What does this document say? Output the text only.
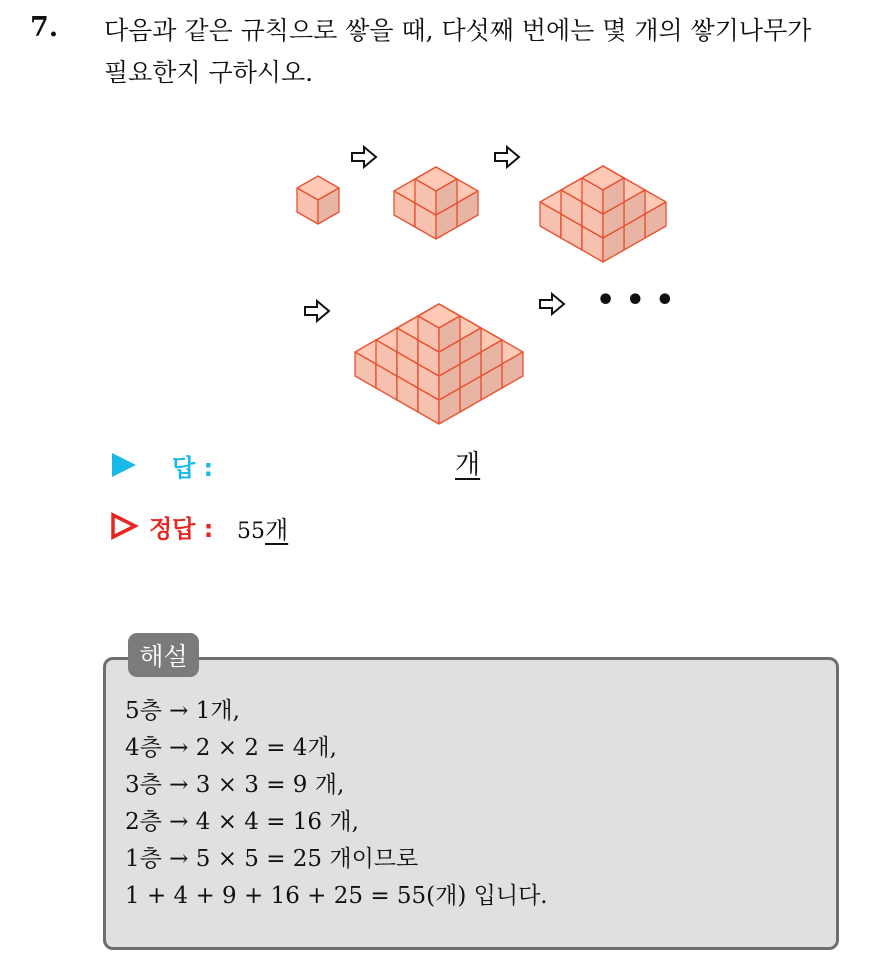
7. 다음과 같은 규칙으로 쌓을 때, 다섯째 번에는 몇 개의 쌓기나무가
필요한지 구하시오.
• • •
답 :	개
정답 : 55개
해설
5층 → 1개,
4층 → 2 × 2 = 4개,
3층 → 3 × 3 = 9 개,
2층 → 4 × 4 = 16 개,
1층 → 5 × 5 = 25 개이므로
1 + 4 + 9 + 16 + 25 = 55(개) 입니다.
